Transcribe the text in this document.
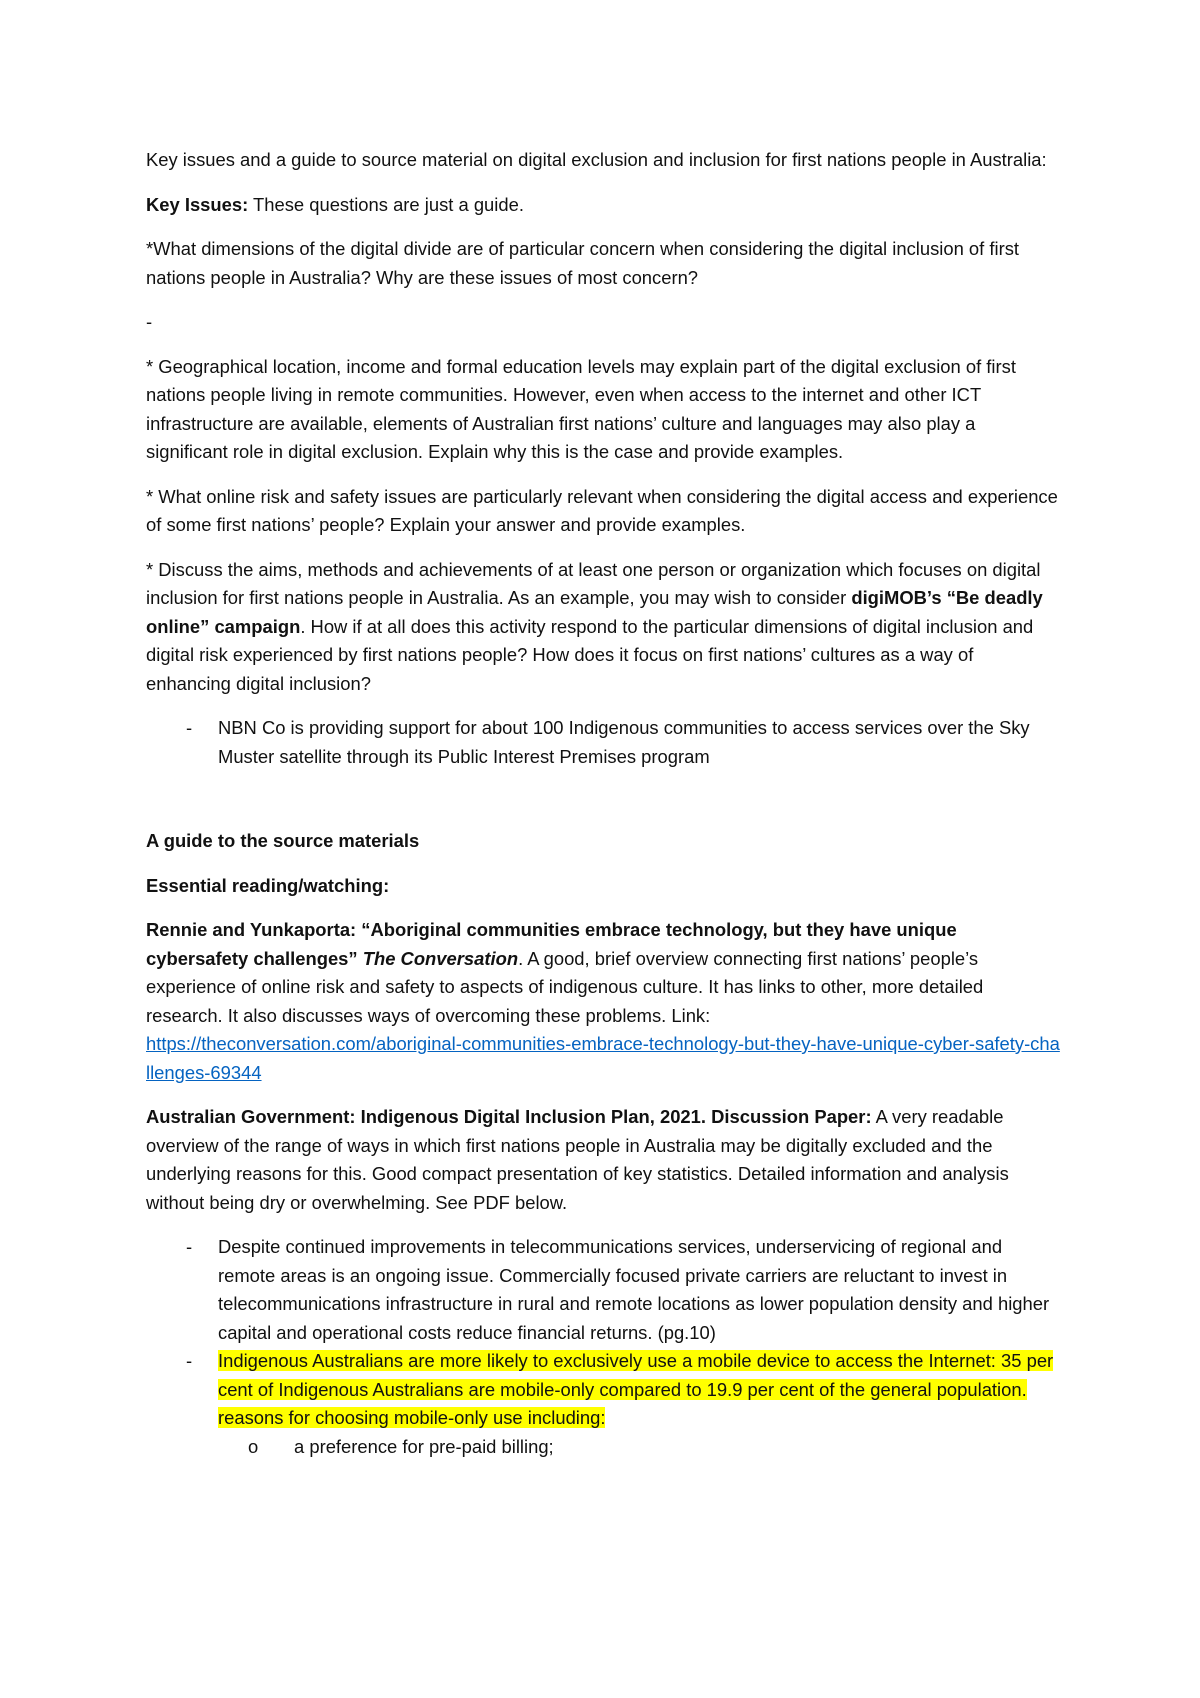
Key issues and a guide to source material on digital exclusion and inclusion for first nations people in Australia:

Key Issues: These questions are just a guide.

*What dimensions of the digital divide are of particular concern when considering the digital inclusion of first nations people in Australia? Why are these issues of most concern?

-

* Geographical location, income and formal education levels may explain part of the digital exclusion of first nations people living in remote communities. However, even when access to the internet and other ICT infrastructure are available, elements of Australian first nations’ culture and languages may also play a significant role in digital exclusion. Explain why this is the case and provide examples.

* What online risk and safety issues are particularly relevant when considering the digital access and experience of some first nations’ people? Explain your answer and provide examples.

* Discuss the aims, methods and achievements of at least one person or organization which focuses on digital inclusion for first nations people in Australia. As an example, you may wish to consider digiMOB’s “Be deadly online” campaign. How if at all does this activity respond to the particular dimensions of digital inclusion and digital risk experienced by first nations people? How does it focus on first nations’ cultures as a way of enhancing digital inclusion?

- NBN Co is providing support for about 100 Indigenous communities to access services over the Sky Muster satellite through its Public Interest Premises program

A guide to the source materials

Essential reading/watching:

Rennie and Yunkaporta: “Aboriginal communities embrace technology, but they have unique cybersafety challenges” The Conversation. A good, brief overview connecting first nations’ people’s experience of online risk and safety to aspects of indigenous culture. It has links to other, more detailed research. It also discusses ways of overcoming these problems. Link:
https://theconversation.com/aboriginal-communities-embrace-technology-but-they-have-unique-cyber-safety-challenges-69344

Australian Government: Indigenous Digital Inclusion Plan, 2021. Discussion Paper: A very readable overview of the range of ways in which first nations people in Australia may be digitally excluded and the underlying reasons for this. Good compact presentation of key statistics. Detailed information and analysis without being dry or overwhelming. See PDF below.

- Despite continued improvements in telecommunications services, underservicing of regional and remote areas is an ongoing issue. Commercially focused private carriers are reluctant to invest in telecommunications infrastructure in rural and remote locations as lower population density and higher capital and operational costs reduce financial returns. (pg.10)
- Indigenous Australians are more likely to exclusively use a mobile device to access the Internet: 35 per cent of Indigenous Australians are mobile-only compared to 19.9 per cent of the general population. reasons for choosing mobile-only use including:
o a preference for pre-paid billing;
